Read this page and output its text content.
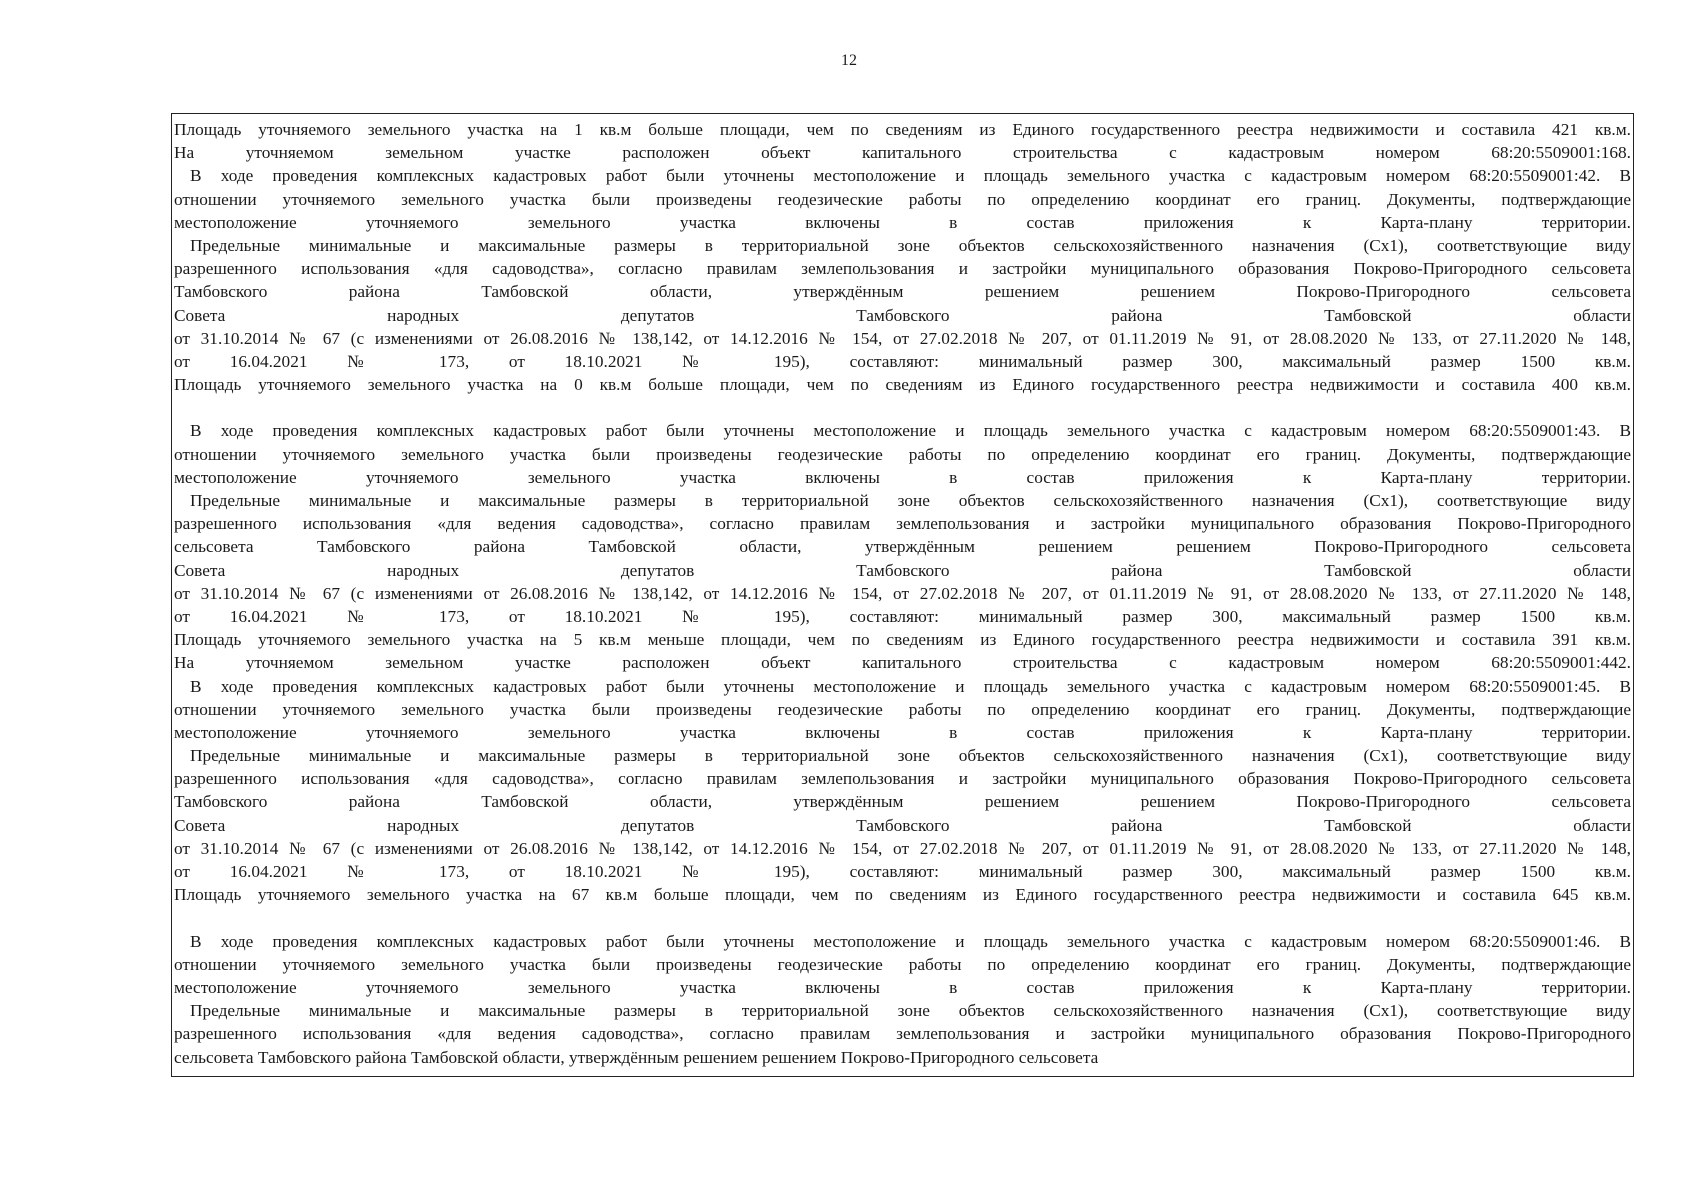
12
Площадь уточняемого земельного участка на 1 кв.м больше площади, чем по сведениям из Единого государственного реестра недвижимости и составила 421 кв.м.
На уточняемом земельном участке расположен объект капитального строительства с кадастровым номером 68:20:5509001:168.
В ходе проведения комплексных кадастровых работ были уточнены местоположение и площадь земельного участка с кадастровым номером 68:20:5509001:42. В
отношении уточняемого земельного участка были произведены геодезические работы по определению координат его границ. Документы, подтверждающие
местоположение уточняемого земельного участка включены в состав приложения к Карта-плану территории.
Предельные минимальные и максимальные размеры в территориальной зоне объектов сельскохозяйственного назначения (Сх1), соответствующие виду
разрешенного использования «для садоводства», согласно правилам землепользования и застройки муниципального образования Покрово-Пригородного сельсовета
Тамбовского района Тамбовской области, утверждённым решением решением Покрово-Пригородного сельсовета
Совета народных депутатов Тамбовского района Тамбовской области
от 31.10.2014 № 67 (с изменениями от 26.08.2016 № 138,142, от 14.12.2016 № 154, от 27.02.2018 № 207, от 01.11.2019 № 91, от 28.08.2020 № 133, от 27.11.2020 № 148,
от 16.04.2021 № 173, от 18.10.2021 № 195), составляют: минимальный размер 300, максимальный размер 1500 кв.м.
Площадь уточняемого земельного участка на 0 кв.м больше площади, чем по сведениям из Единого государственного реестра недвижимости и составила 400 кв.м.
В ходе проведения комплексных кадастровых работ были уточнены местоположение и площадь земельного участка с кадастровым номером 68:20:5509001:43. В
отношении уточняемого земельного участка были произведены геодезические работы по определению координат его границ. Документы, подтверждающие
местоположение уточняемого земельного участка включены в состав приложения к Карта-плану территории.
Предельные минимальные и максимальные размеры в территориальной зоне объектов сельскохозяйственного назначения (Сх1), соответствующие виду
разрешенного использования «для ведения садоводства», согласно правилам землепользования и застройки муниципального образования Покрово-Пригородного
сельсовета Тамбовского района Тамбовской области, утверждённым решением решением Покрово-Пригородного сельсовета
Совета народных депутатов Тамбовского района Тамбовской области
от 31.10.2014 № 67 (с изменениями от 26.08.2016 № 138,142, от 14.12.2016 № 154, от 27.02.2018 № 207, от 01.11.2019 № 91, от 28.08.2020 № 133, от 27.11.2020 № 148,
от 16.04.2021 № 173, от 18.10.2021 № 195), составляют: минимальный размер 300, максимальный размер 1500 кв.м.
Площадь уточняемого земельного участка на 5 кв.м меньше площади, чем по сведениям из Единого государственного реестра недвижимости и составила 391 кв.м.
На уточняемом земельном участке расположен объект капитального строительства с кадастровым номером 68:20:5509001:442.
В ходе проведения комплексных кадастровых работ были уточнены местоположение и площадь земельного участка с кадастровым номером 68:20:5509001:45. В
отношении уточняемого земельного участка были произведены геодезические работы по определению координат его границ. Документы, подтверждающие
местоположение уточняемого земельного участка включены в состав приложения к Карта-плану территории.
Предельные минимальные и максимальные размеры в территориальной зоне объектов сельскохозяйственного назначения (Сх1), соответствующие виду
разрешенного использования «для садоводства», согласно правилам землепользования и застройки муниципального образования Покрово-Пригородного сельсовета
Тамбовского района Тамбовской области, утверждённым решением решением Покрово-Пригородного сельсовета
Совета народных депутатов Тамбовского района Тамбовской области
от 31.10.2014 № 67 (с изменениями от 26.08.2016 № 138,142, от 14.12.2016 № 154, от 27.02.2018 № 207, от 01.11.2019 № 91, от 28.08.2020 № 133, от 27.11.2020 № 148,
от 16.04.2021 № 173, от 18.10.2021 № 195), составляют: минимальный размер 300, максимальный размер 1500 кв.м.
Площадь уточняемого земельного участка на 67 кв.м больше площади, чем по сведениям из Единого государственного реестра недвижимости и составила 645 кв.м.
В ходе проведения комплексных кадастровых работ были уточнены местоположение и площадь земельного участка с кадастровым номером 68:20:5509001:46. В
отношении уточняемого земельного участка были произведены геодезические работы по определению координат его границ. Документы, подтверждающие
местоположение уточняемого земельного участка включены в состав приложения к Карта-плану территории.
Предельные минимальные и максимальные размеры в территориальной зоне объектов сельскохозяйственного назначения (Сх1), соответствующие виду
разрешенного использования «для ведения садоводства», согласно правилам землепользования и застройки муниципального образования Покрово-Пригородного
сельсовета Тамбовского района Тамбовской области, утверждённым решением решением Покрово-Пригородного сельсовета
